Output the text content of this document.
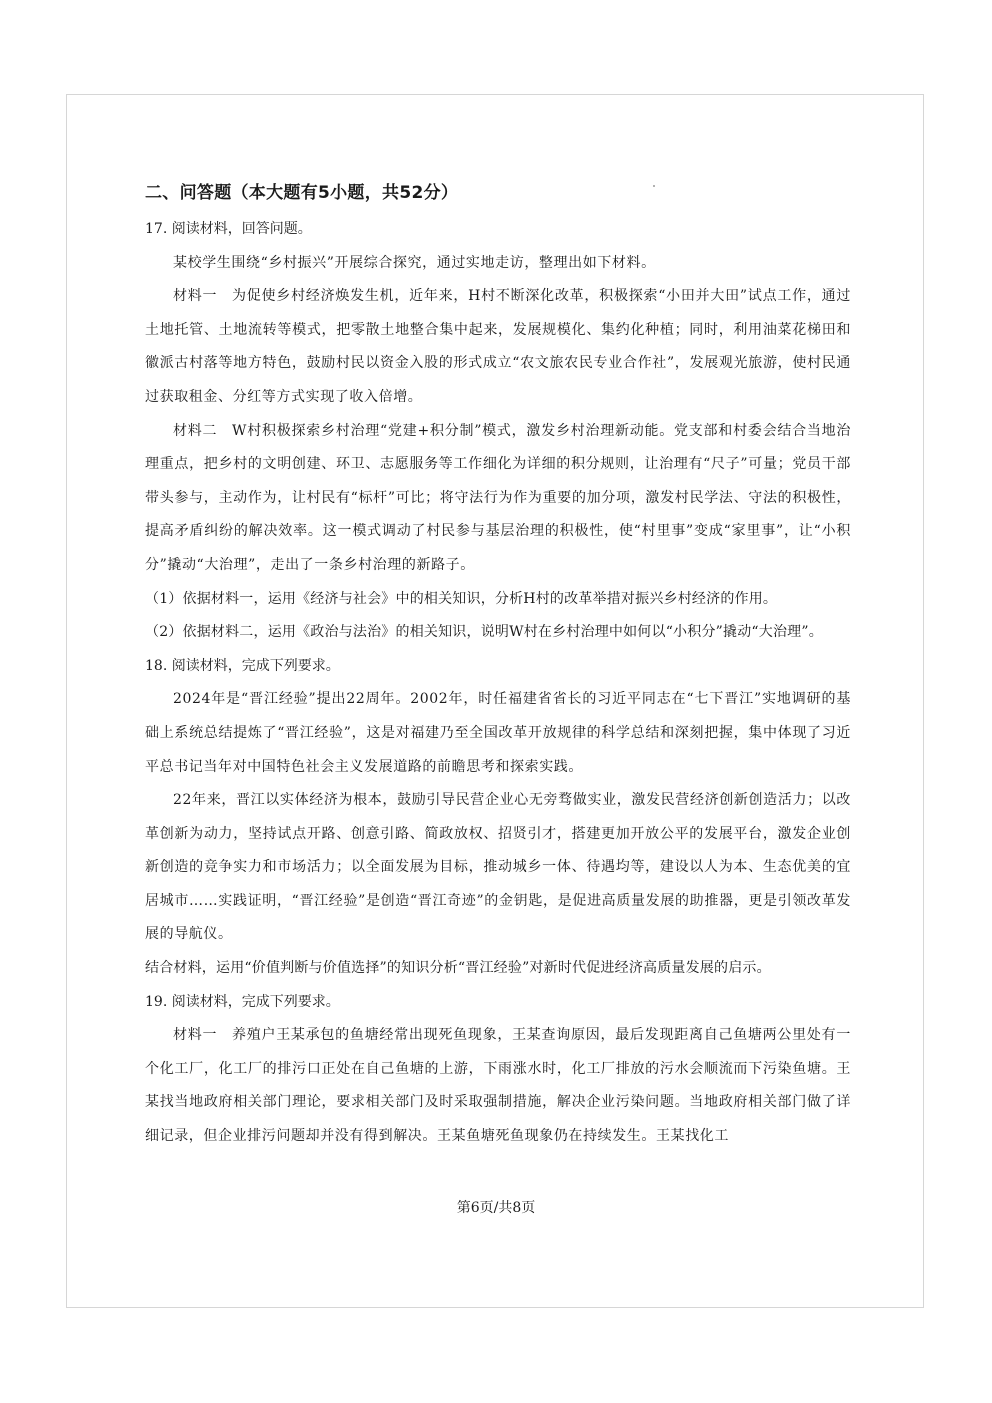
二、问答题（本大题有5小题，共52分）

17. 阅读材料，回答问题。

某校学生围绕“乡村振兴”开展综合探究，通过实地走访，整理出如下材料。

材料一　为促使乡村经济焕发生机，近年来，H村不断深化改革，积极探索“小田并大田”试点工作，通过土地托管、土地流转等模式，把零散土地整合集中起来，发展规模化、集约化种植；同时，利用油菜花梯田和徽派古村落等地方特色，鼓励村民以资金入股的形式成立“农文旅农民专业合作社”，发展观光旅游，使村民通过获取租金、分红等方式实现了收入倍增。

材料二　W村积极探索乡村治理“党建+积分制”模式，激发乡村治理新动能。党支部和村委会结合当地治理重点，把乡村的文明创建、环卫、志愿服务等工作细化为详细的积分规则，让治理有“尺子”可量；党员干部带头参与，主动作为，让村民有“标杆”可比；将守法行为作为重要的加分项，激发村民学法、守法的积极性，提高矛盾纠纷的解决效率。这一模式调动了村民参与基层治理的积极性，使“村里事”变成“家里事”，让“小积分”撬动“大治理”，走出了一条乡村治理的新路子。

（1）依据材料一，运用《经济与社会》中的相关知识，分析H村的改革举措对振兴乡村经济的作用。

（2）依据材料二，运用《政治与法治》的相关知识，说明W村在乡村治理中如何以“小积分”撬动“大治理”。

18. 阅读材料，完成下列要求。

2024年是“晋江经验”提出22周年。2002年，时任福建省省长的习近平同志在“七下晋江”实地调研的基础上系统总结提炼了“晋江经验”，这是对福建乃至全国改革开放规律的科学总结和深刻把握，集中体现了习近平总书记当年对中国特色社会主义发展道路的前瞻思考和探索实践。

22年来，晋江以实体经济为根本，鼓励引导民营企业心无旁骛做实业，激发民营经济创新创造活力；以改革创新为动力，坚持试点开路、创意引路、简政放权、招贤引才，搭建更加开放公平的发展平台，激发企业创新创造的竞争实力和市场活力；以全面发展为目标，推动城乡一体、待遇均等，建设以人为本、生态优美的宜居城市……实践证明，“晋江经验”是创造“晋江奇迹”的金钥匙，是促进高质量发展的助推器，更是引领改革发展的导航仪。

结合材料，运用“价值判断与价值选择”的知识分析“晋江经验”对新时代促进经济高质量发展的启示。

19. 阅读材料，完成下列要求。

材料一　养殖户王某承包的鱼塘经常出现死鱼现象，王某查询原因，最后发现距离自己鱼塘两公里处有一个化工厂，化工厂的排污口正处在自己鱼塘的上游，下雨涨水时，化工厂排放的污水会顺流而下污染鱼塘。王某找当地政府相关部门理论，要求相关部门及时采取强制措施，解决企业污染问题。当地政府相关部门做了详细记录，但企业排污问题却并没有得到解决。王某鱼塘死鱼现象仍在持续发生。王某找化工

第6页/共8页
